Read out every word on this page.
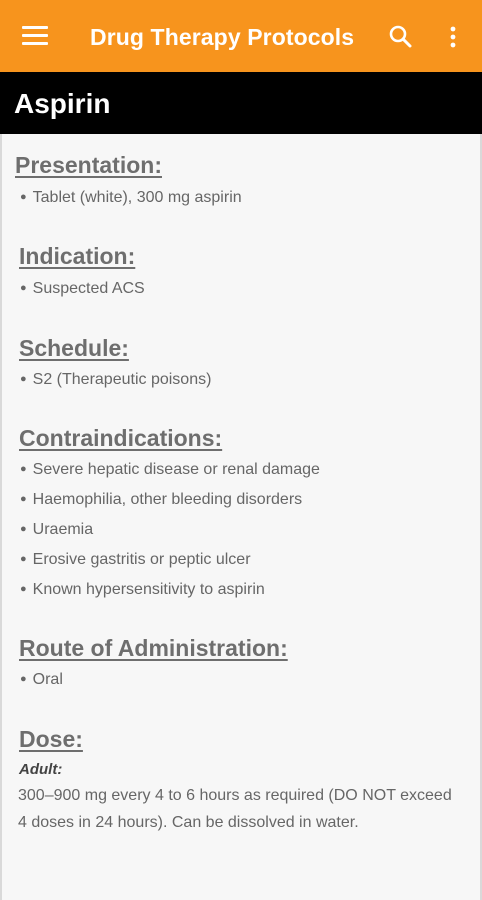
Drug Therapy Protocols
Aspirin
Presentation:
● Tablet (white), 300 mg aspirin
Indication:
● Suspected ACS
Schedule:
● S2 (Therapeutic poisons)
Contraindications:
● Severe hepatic disease or renal damage
● Haemophilia, other bleeding disorders
● Uraemia
● Erosive gastritis or peptic ulcer
● Known hypersensitivity to aspirin
Route of Administration:
● Oral
Dose:
Adult:
300–900 mg every 4 to 6 hours as required (DO NOT exceed 4 doses in 24 hours). Can be dissolved in water.
